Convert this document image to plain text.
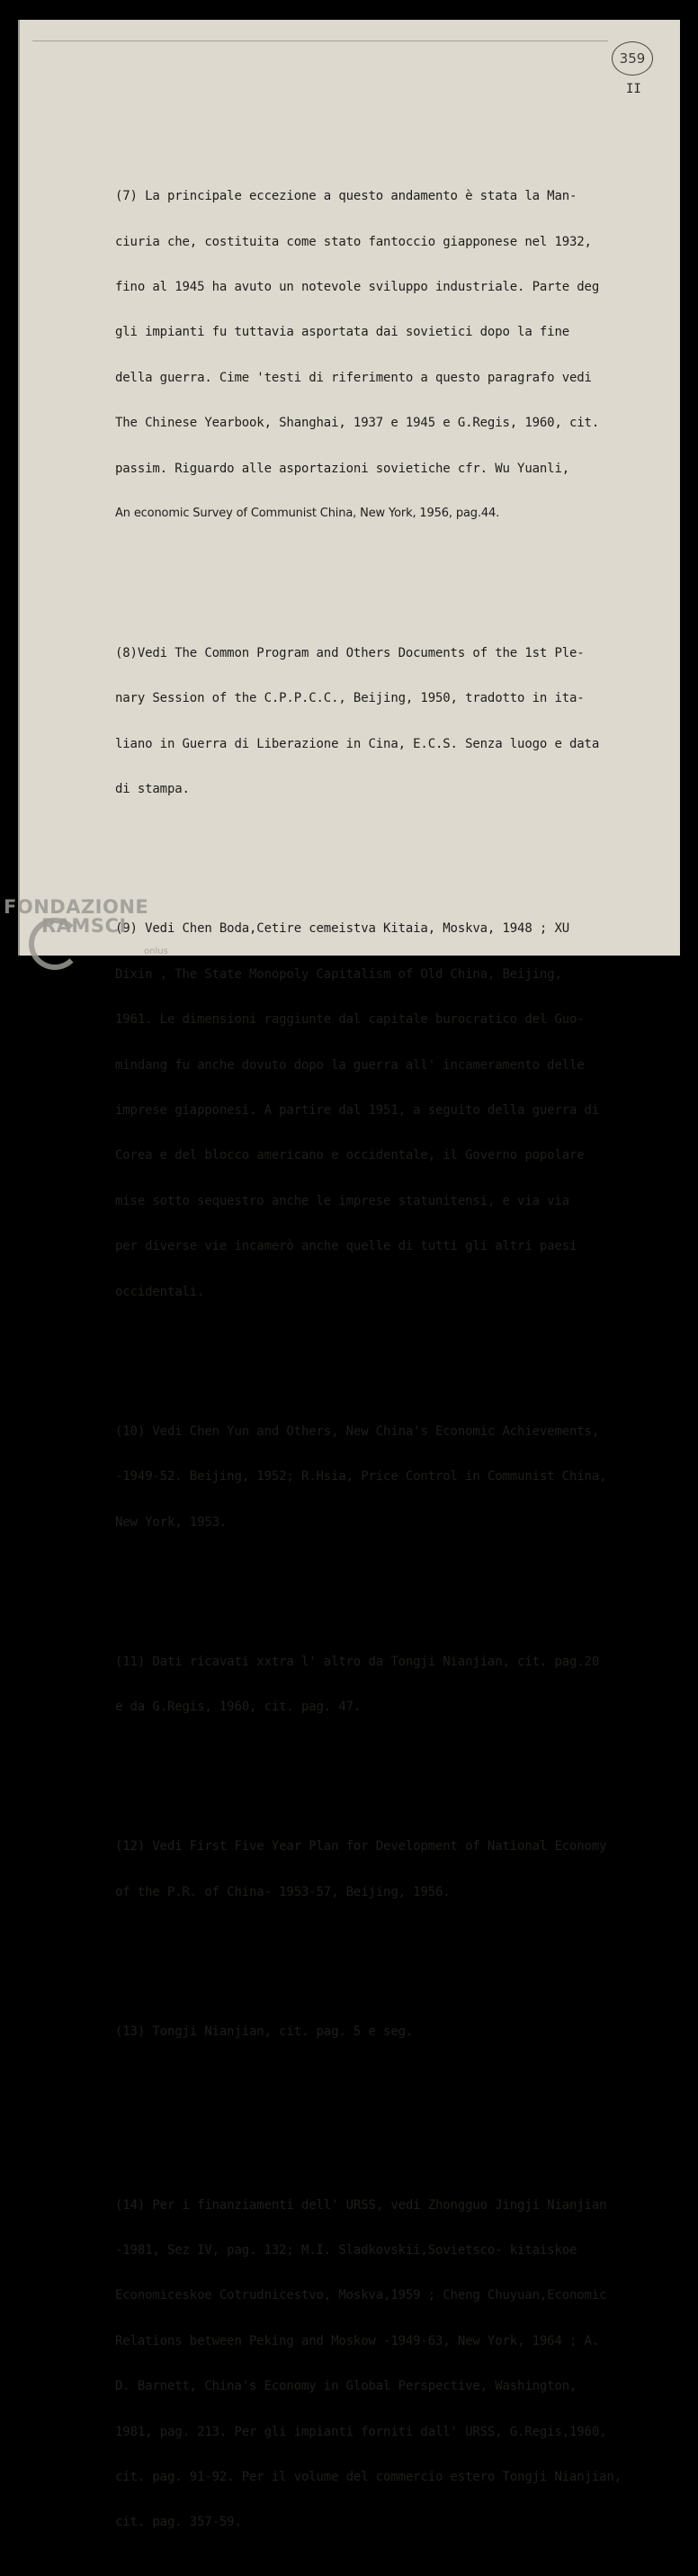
359
II

(7) La principale eccezione a questo andamento è stata la Man-

ciuria che, costituita come stato fantoccio giapponese nel 1932,

fino al 1945 ha avuto un notevole sviluppo industriale. Parte deg

gli impianti fu tuttavia asportata dai sovietici dopo la fine

della guerra. Cime 'testi di riferimento a questo paragrafo vedi

The Chinese Yearbook, Shanghai, 1937 e 1945 e G.Regis, 1960, cit.

passim. Riguardo alle asportazioni sovietiche cfr. Wu Yuanli,

An economic Survey of Communist China, New York, 1956, pag.44.

(8)Vedi The Common Program and Others Documents of the 1st Ple-

nary Session of the C.P.P.C.C., Beijing, 1950, tradotto in ita-

liano in Guerra di Liberazione in Cina, E.C.S. Senza luogo e data

di stampa.

(9) Vedi Chen Boda,Cetire cemeistva Kitaia, Moskva, 1948 ; XU

Dixin , The State Monopoly Capitalism of Old China, Beijing,

1961. Le dimensioni raggiunte dal capitale burocratico del Guo-

mindang fu anche dovuto dopo la guerra all' incameramento delle

imprese giapponesi. A partire dal 1951, a seguito della guerra di

Corea e del blocco americano e occidentale, il Governo popolare

mise sotto sequestro anche le imprese statunitensi, e via via

per diverse vie incamerò anche quelle di tutti gli altri paesi

occidentali.

(10) Vedi Chen Yun and Others, New China's Economic Achievements,

-1949-52. Beijing, 1952; R.Hsia, Price Control in Communist China,

New York, 1953.

(11) Dati ricavati xxtra l' altro da Tongji Nianjian, cit. pag.20

e da G.Regis, 1960, cit. pag. 47.

(12) Vedi First Five Year Plan for Development of National Economy

of the P.R. of China- 1953-57, Beijing, 1956.

(13) Tongji Nianjian, cit. pag. 5 e seg.

(14) Per i finanziamenti dell' URSS, vedi Zhongguo Jingji Nianjian

-1981, Sez IV, pag. 132; M.I. Sladkovskii,Sovietsco- kitaiskoe

Economiceskoe Cotrudnicestvo, Moskva,1959 ; Cheng Chuyuan,Economic

Relations between Peking and Moskow -1949-63, New York, 1964 ; A.

D. Barnett, China's Economy in Global Perspective, Washington,

1981, pag. 213. Per gli impianti forniti dall' URSS, G.Regis,1960,

cit. pag. 91-92. Per il volume del commercio estero Tongji Nianjian,

cit. pag. 357-59.

FONDAZIONE
RAMSCI
onlus
